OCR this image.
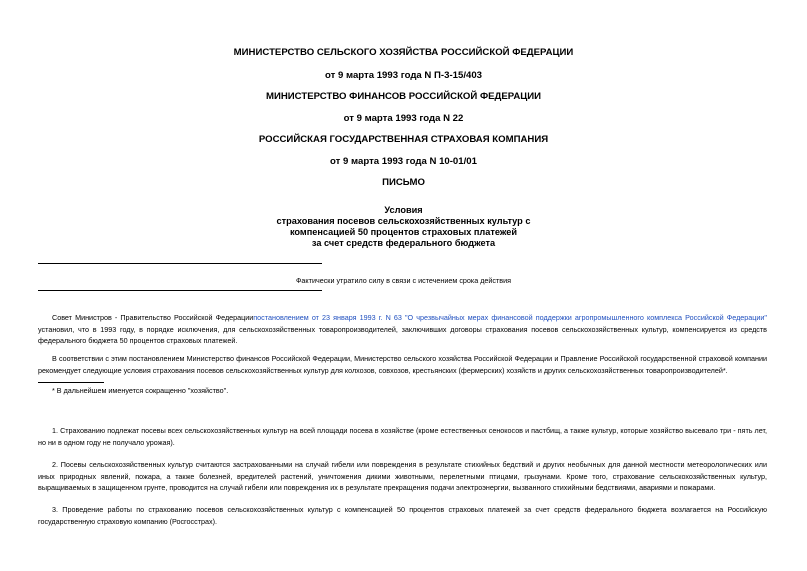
МИНИСТЕРСТВО СЕЛЬСКОГО ХОЗЯЙСТВА РОССИЙСКОЙ ФЕДЕРАЦИИ
от 9 марта 1993 года N П-3-15/403
МИНИСТЕРСТВО ФИНАНСОВ РОССИЙСКОЙ ФЕДЕРАЦИИ
от 9 марта 1993 года N 22
РОССИЙСКАЯ ГОСУДАРСТВЕННАЯ СТРАХОВАЯ КОМПАНИЯ
от 9 марта 1993 года N 10-01/01
ПИСЬМО
Условия
страхования посевов сельскохозяйственных культур с
компенсацией 50 процентов страховых платежей
за счет средств федерального бюджета
Фактически утратило силу в связи с истечением срока действия
Совет Министров - Правительство Российской Федерациипостановлением от 23 января 1993 г. N 63 "О чрезвычайных мерах финансовой поддержки агропромышленного комплекса Российской Федерации" установил, что в 1993 году, в порядке исключения, для сельскохозяйственных товаропроизводителей, заключивших договоры страхования посевов сельскохозяйственных культур, компенсируется из средств федерального бюджета 50 процентов страховых платежей.
В соответствии с этим постановлением Министерство финансов Российской Федерации, Министерство сельского хозяйства Российской Федерации и Правление Российской государственной страховой компании рекомендует следующие условия страхования посевов сельскохозяйственных культур для колхозов, совхозов, крестьянских (фермерских) хозяйств и других сельскохозяйственных товаропроизводителей*.
* В дальнейшем именуется сокращенно "хозяйство".
1. Страхованию подлежат посевы всех сельскохозяйственных культур на всей площади посева в хозяйстве (кроме естественных сенокосов и пастбищ, а также культур, которые хозяйство высевало три - пять лет, но ни в одном году не получало урожая).
2. Посевы сельскохозяйственных культур считаются застрахованными на случай гибели или повреждения в результате стихийных бедствий и других необычных для данной местности метеорологических или иных природных явлений, пожара, а также болезней, вредителей растений, уничтожения дикими животными, перелетными птицами, грызунами. Кроме того, страхование сельскохозяйственных культур, выращиваемых в защищенном грунте, проводится на случай гибели или повреждения их в результате прекращения подачи электроэнергии, вызванного стихийными бедствиями, авариями и пожарами.
3. Проведение работы по страхованию посевов сельскохозяйственных культур с компенсацией 50 процентов страховых платежей за счет средств федерального бюджета возлагается на Российскую государственную страховую компанию (Росгосстрах).
